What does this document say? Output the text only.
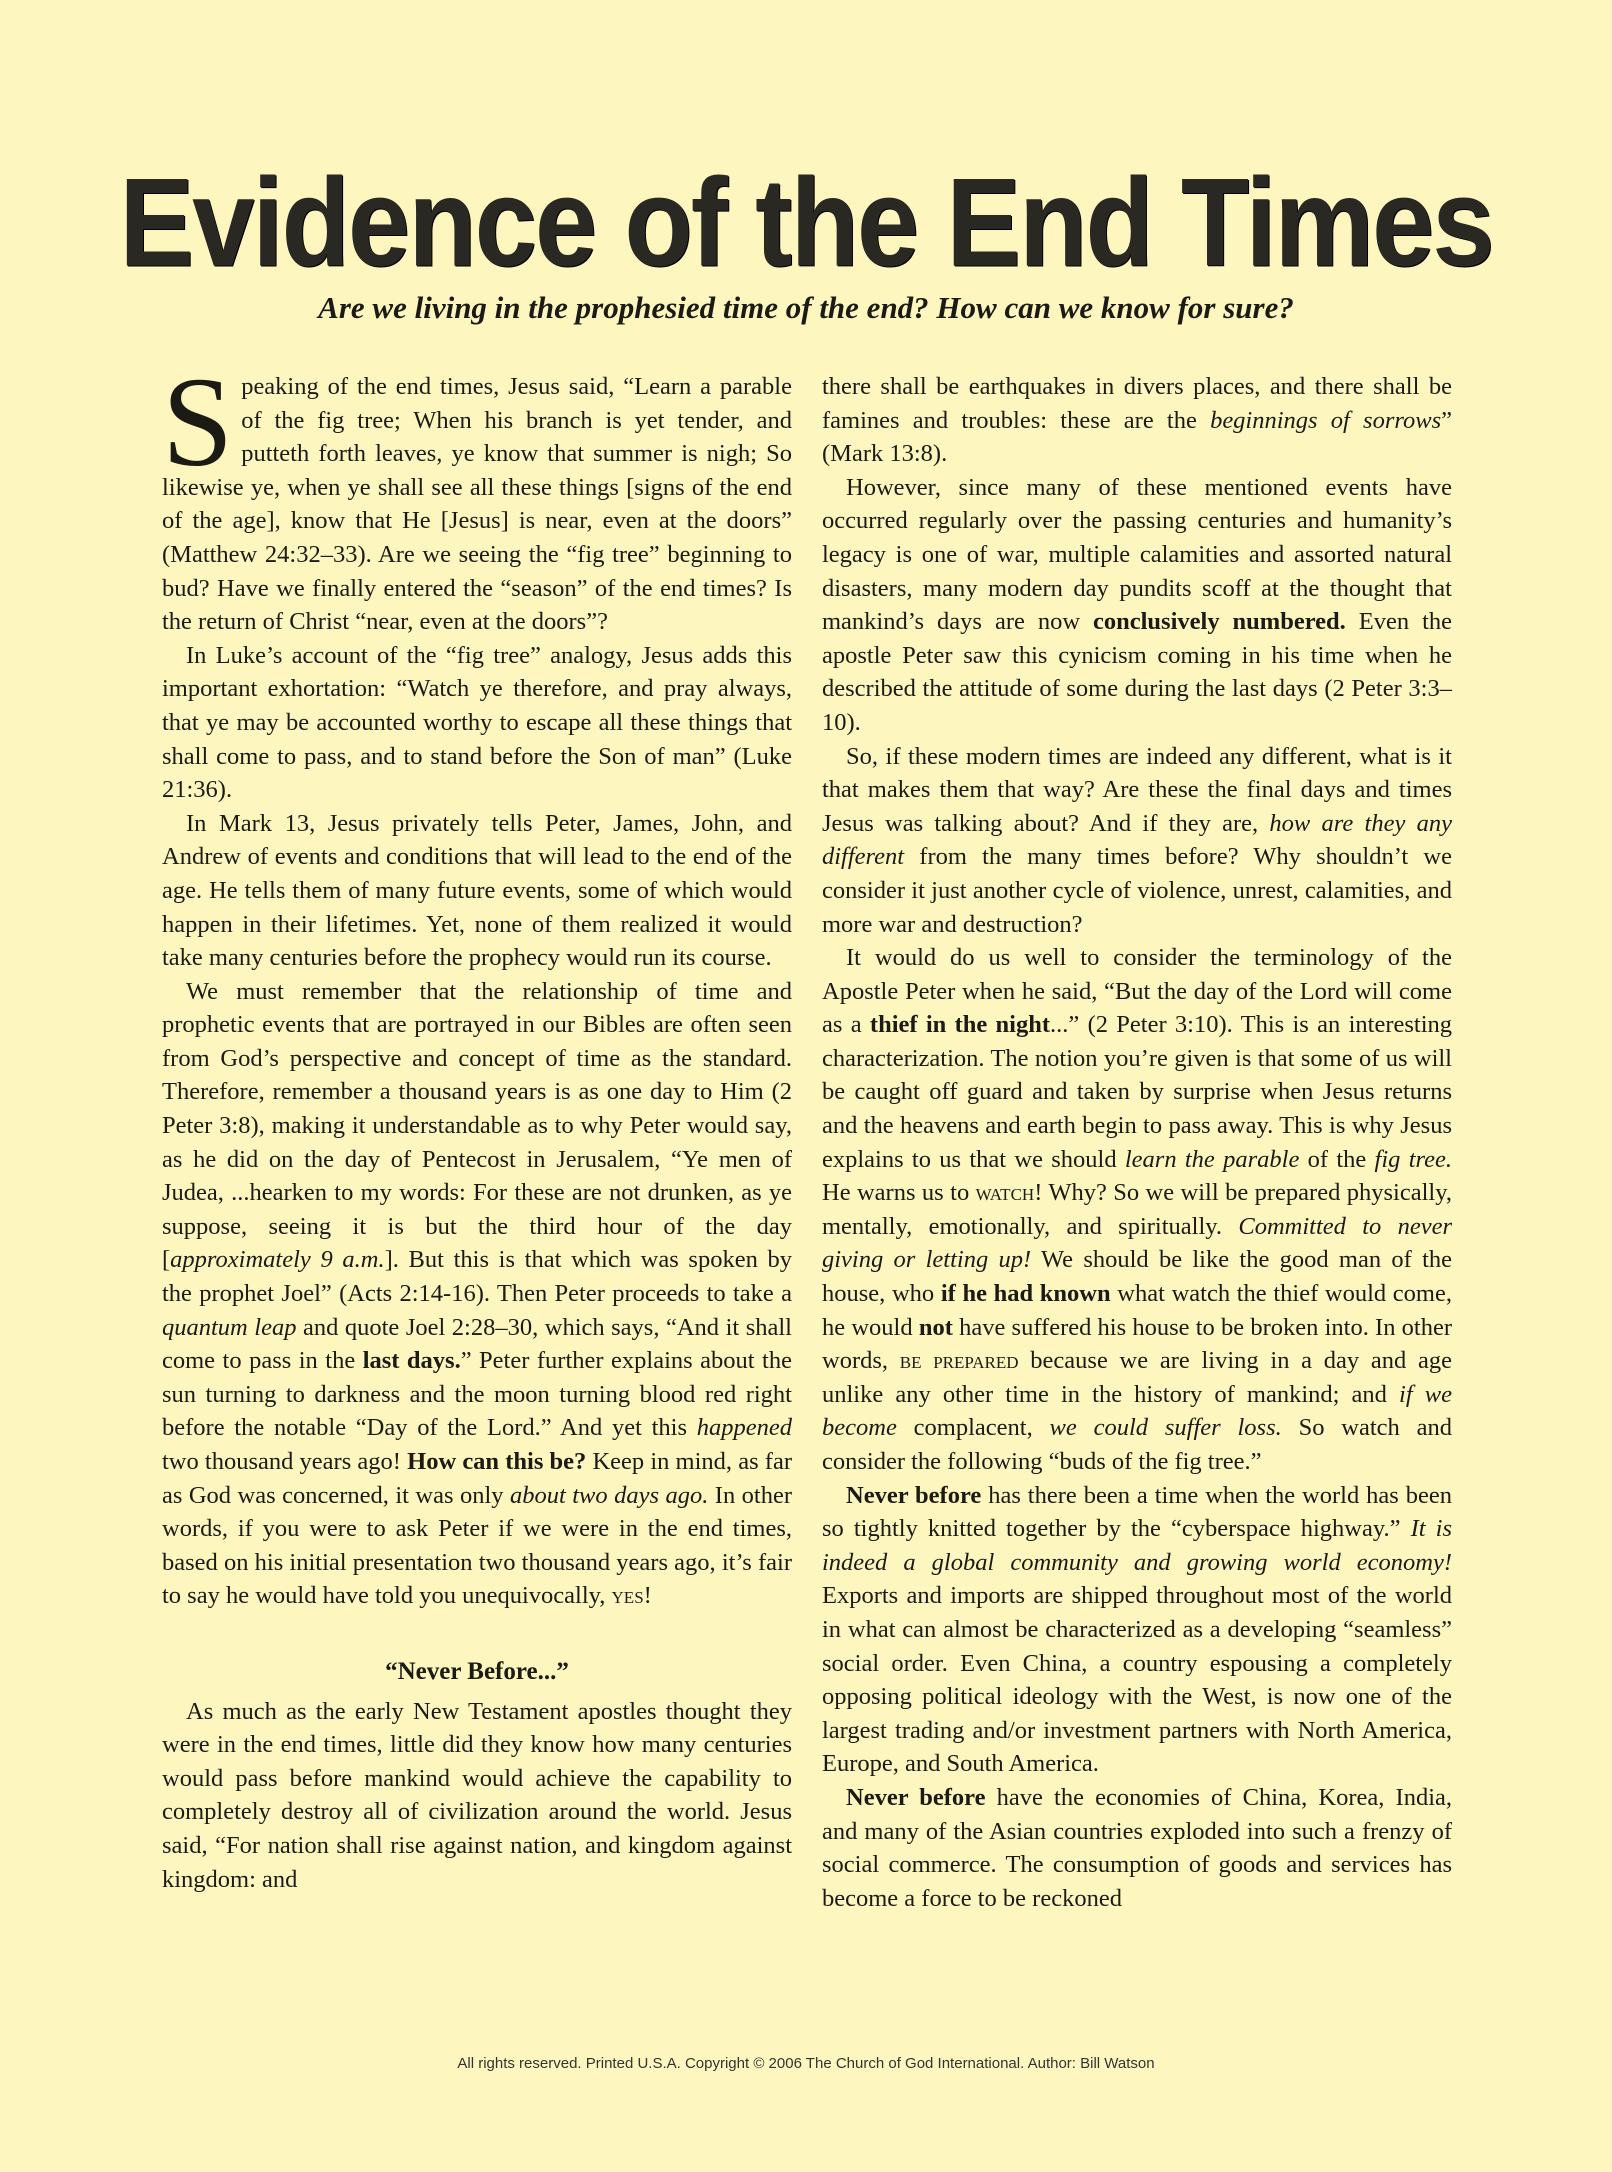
Evidence of the End Times
Are we living in the prophesied time of the end? How can we know for sure?

Speaking of the end times, Jesus said, “Learn a parable of the fig tree; When his branch is yet tender, and putteth forth leaves, ye know that summer is nigh; So likewise ye, when ye shall see all these things [signs of the end of the age], know that He [Jesus] is near, even at the doors” (Matthew 24:32–33). Are we seeing the “fig tree” beginning to bud? Have we finally entered the “season” of the end times? Is the return of Christ “near, even at the doors”?

In Luke’s account of the “fig tree” analogy, Jesus adds this important exhortation: “Watch ye therefore, and pray always, that ye may be accounted worthy to escape all these things that shall come to pass, and to stand before the Son of man” (Luke 21:36).

In Mark 13, Jesus privately tells Peter, James, John, and Andrew of events and conditions that will lead to the end of the age. He tells them of many future events, some of which would happen in their lifetimes. Yet, none of them realized it would take many centuries before the prophecy would run its course.

We must remember that the relationship of time and prophetic events that are portrayed in our Bibles are often seen from God’s perspective and concept of time as the standard. Therefore, remember a thousand years is as one day to Him (2 Peter 3:8), making it understandable as to why Peter would say, as he did on the day of Pentecost in Jerusalem, “Ye men of Judea, ...hearken to my words: For these are not drunken, as ye suppose, seeing it is but the third hour of the day [approximately 9 a.m.]. But this is that which was spoken by the prophet Joel” (Acts 2:14-16). Then Peter proceeds to take a quantum leap and quote Joel 2:28–30, which says, “And it shall come to pass in the last days.” Peter further explains about the sun turning to darkness and the moon turning blood red right before the notable “Day of the Lord.” And yet this happened two thousand years ago! How can this be? Keep in mind, as far as God was concerned, it was only about two days ago. In other words, if you were to ask Peter if we were in the end times, based on his initial presentation two thousand years ago, it’s fair to say he would have told you unequivocally, yes!

“Never Before...”

As much as the early New Testament apostles thought they were in the end times, little did they know how many centuries would pass before mankind would achieve the capability to completely destroy all of civilization around the world. Jesus said, “For nation shall rise against nation, and kingdom against kingdom: and

there shall be earthquakes in divers places, and there shall be famines and troubles: these are the beginnings of sorrows” (Mark 13:8).

However, since many of these mentioned events have occurred regularly over the passing centuries and humanity’s legacy is one of war, multiple calamities and assorted natural disasters, many modern day pundits scoff at the thought that mankind’s days are now conclusively numbered. Even the apostle Peter saw this cynicism coming in his time when he described the attitude of some during the last days (2 Peter 3:3–10).

So, if these modern times are indeed any different, what is it that makes them that way? Are these the final days and times Jesus was talking about? And if they are, how are they any different from the many times before? Why shouldn’t we consider it just another cycle of violence, unrest, calamities, and more war and destruction?

It would do us well to consider the terminology of the Apostle Peter when he said, “But the day of the Lord will come as a thief in the night...” (2 Peter 3:10). This is an interesting characterization. The notion you’re given is that some of us will be caught off guard and taken by surprise when Jesus returns and the heavens and earth begin to pass away. This is why Jesus explains to us that we should learn the parable of the fig tree. He warns us to watch! Why? So we will be prepared physically, mentally, emotionally, and spiritually. Committed to never giving or letting up! We should be like the good man of the house, who if he had known what watch the thief would come, he would not have suffered his house to be broken into. In other words, be prepared because we are living in a day and age unlike any other time in the history of mankind; and if we become complacent, we could suffer loss. So watch and consider the following “buds of the fig tree.”

Never before has there been a time when the world has been so tightly knitted together by the “cyberspace highway.” It is indeed a global community and growing world economy! Exports and imports are shipped throughout most of the world in what can almost be characterized as a developing “seamless” social order. Even China, a country espousing a completely opposing political ideology with the West, is now one of the largest trading and/or investment partners with North America, Europe, and South America.

Never before have the economies of China, Korea, India, and many of the Asian countries exploded into such a frenzy of social commerce. The consumption of goods and services has become a force to be reckoned

All rights reserved. Printed U.S.A. Copyright © 2006 The Church of God International. Author: Bill Watson
